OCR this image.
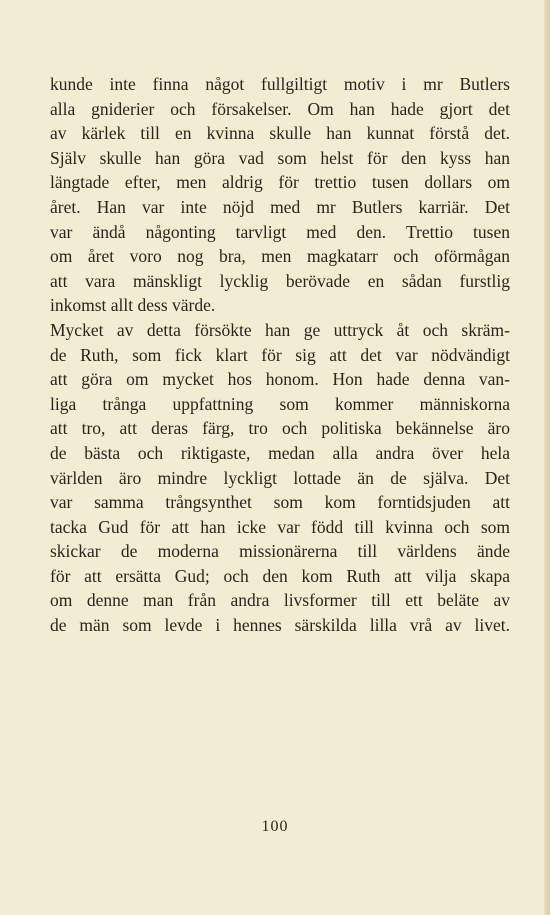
kunde inte finna något fullgiltigt motiv i mr Butlers
alla gniderier och försakelser. Om han hade gjort det
av kärlek till en kvinna skulle han kunnat förstå det.
Själv skulle han göra vad som helst för den kyss han
längtade efter, men aldrig för trettio tusen dollars om
året. Han var inte nöjd med mr Butlers karriär. Det
var ändå någonting tarvligt med den. Trettio tusen
om året voro nog bra, men magkatarr och oförmågan
att vara mänskligt lycklig berövade en sådan furstlig
inkomst allt dess värde.
Mycket av detta försökte han ge uttryck åt och skräm-
de Ruth, som fick klart för sig att det var nödvändigt
att göra om mycket hos honom. Hon hade denna van-
liga trånga uppfattning som kommer människorna
att tro, att deras färg, tro och politiska bekännelse äro
de bästa och riktigaste, medan alla andra över hela
världen äro mindre lyckligt lottade än de själva. Det
var samma trångsynthet som kom forntidsjuden att
tacka Gud för att han icke var född till kvinna och som
skickar de moderna missionärerna till världens ände
för att ersätta Gud; och den kom Ruth att vilja skapa
om denne man från andra livsformer till ett beläte av
de män som levde i hennes särskilda lilla vrå av livet.
100
